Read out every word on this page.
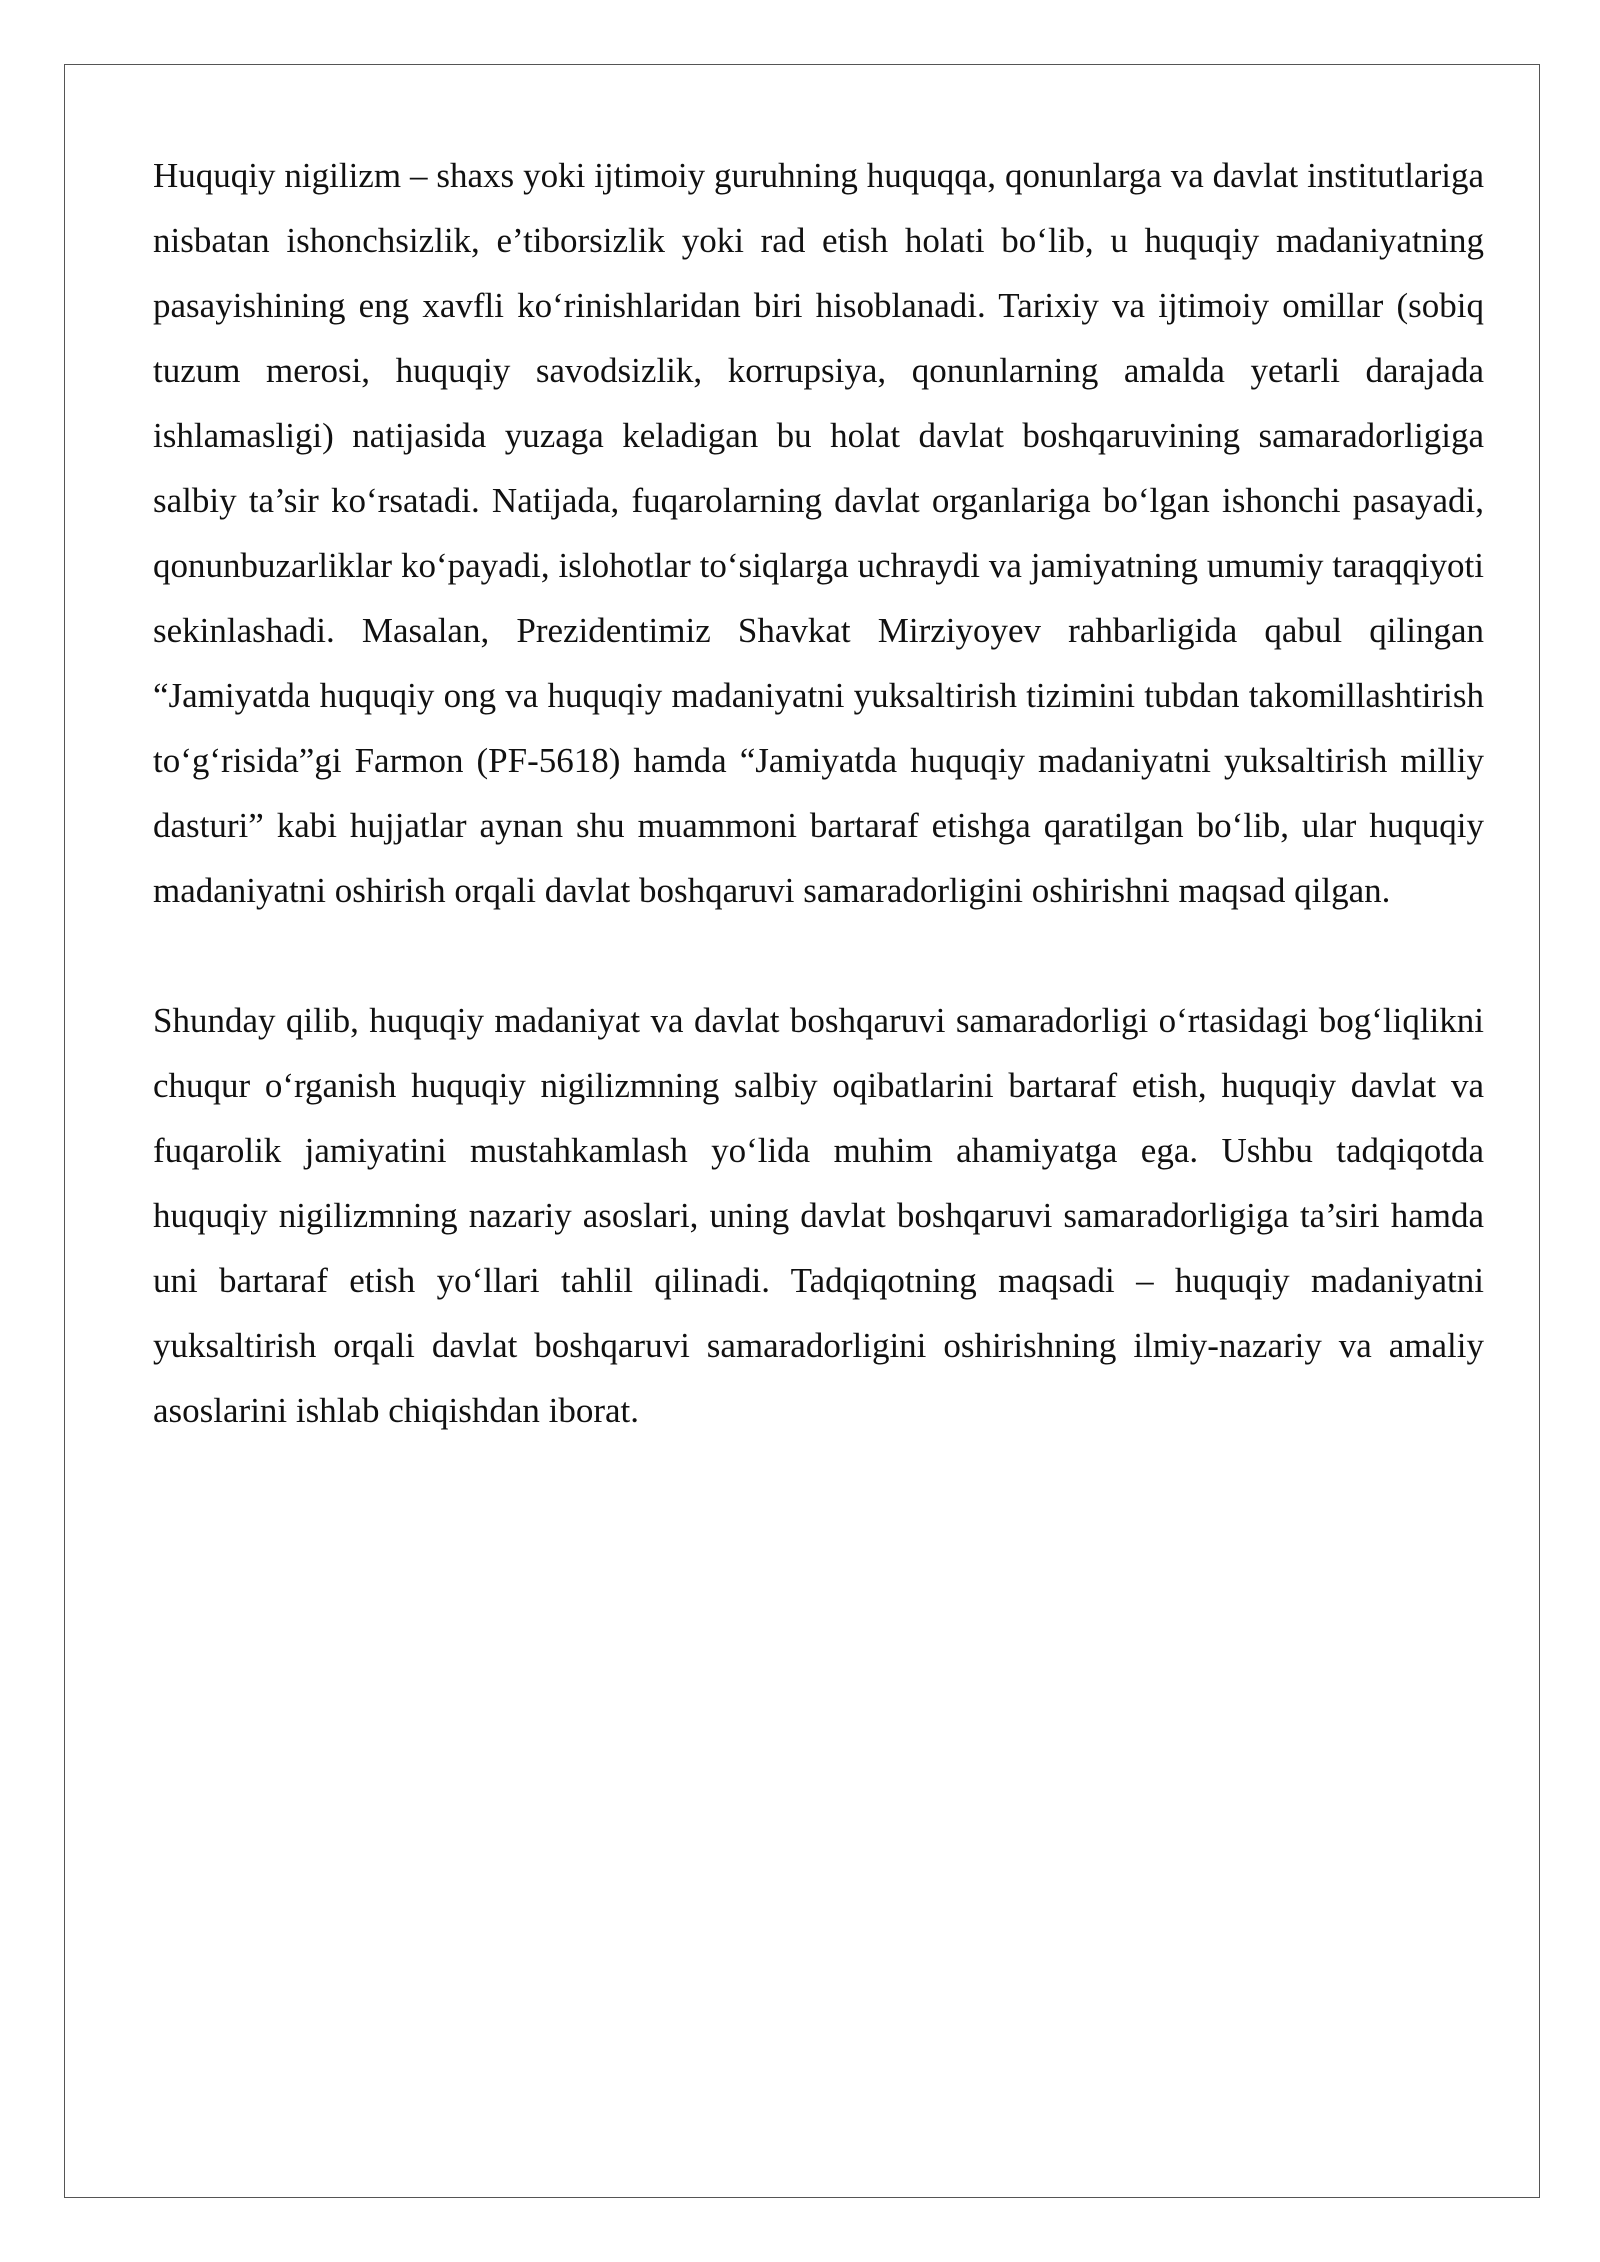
Huquqiy nigilizm – shaxs yoki ijtimoiy guruhning huquqqa, qonunlarga va davlat institutlariga nisbatan ishonchsizlik, e’tiborsizlik yoki rad etish holati bo‘lib, u huquqiy madaniyatning pasayishining eng xavfli ko‘rinishlaridan biri hisoblanadi. Tarixiy va ijtimoiy omillar (sobiq tuzum merosi, huquqiy savodsizlik, korrupsiya, qonunlarning amalda yetarli darajada ishlamasligi) natijasida yuzaga keladigan bu holat davlat boshqaruvining samaradorligiga salbiy ta’sir ko‘rsatadi. Natijada, fuqarolarning davlat organlariga bo‘lgan ishonchi pasayadi, qonunbuzarliklar ko‘payadi, islohotlar to‘siqlarga uchraydi va jamiyatning umumiy taraqqiyoti sekinlashadi. Masalan, Prezidentimiz Shavkat Mirziyoyev rahbarligida qabul qilingan “Jamiyatda huquqiy ong va huquqiy madaniyatni yuksaltirish tizimini tubdan takomillashtirish to‘g‘risida”gi Farmon (PF-5618) hamda “Jamiyatda huquqiy madaniyatni yuksaltirish milliy dasturi” kabi hujjatlar aynan shu muammoni bartaraf etishga qaratilgan bo‘lib, ular huquqiy madaniyatni oshirish orqali davlat boshqaruvi samaradorligini oshirishni maqsad qilgan.

Shunday qilib, huquqiy madaniyat va davlat boshqaruvi samaradorligi o‘rtasidagi bog‘liqlikni chuqur o‘rganish huquqiy nigilizmning salbiy oqibatlarini bartaraf etish, huquqiy davlat va fuqarolik jamiyatini mustahkamlash yo‘lida muhim ahamiyatga ega. Ushbu tadqiqotda huquqiy nigilizmning nazariy asoslari, uning davlat boshqaruvi samaradorligiga ta’siri hamda uni bartaraf etish yo‘llari tahlil qilinadi. Tadqiqotning maqsadi – huquqiy madaniyatni yuksaltirish orqali davlat boshqaruvi samaradorligini oshirishning ilmiy-nazariy va amaliy asoslarini ishlab chiqishdan iborat.
